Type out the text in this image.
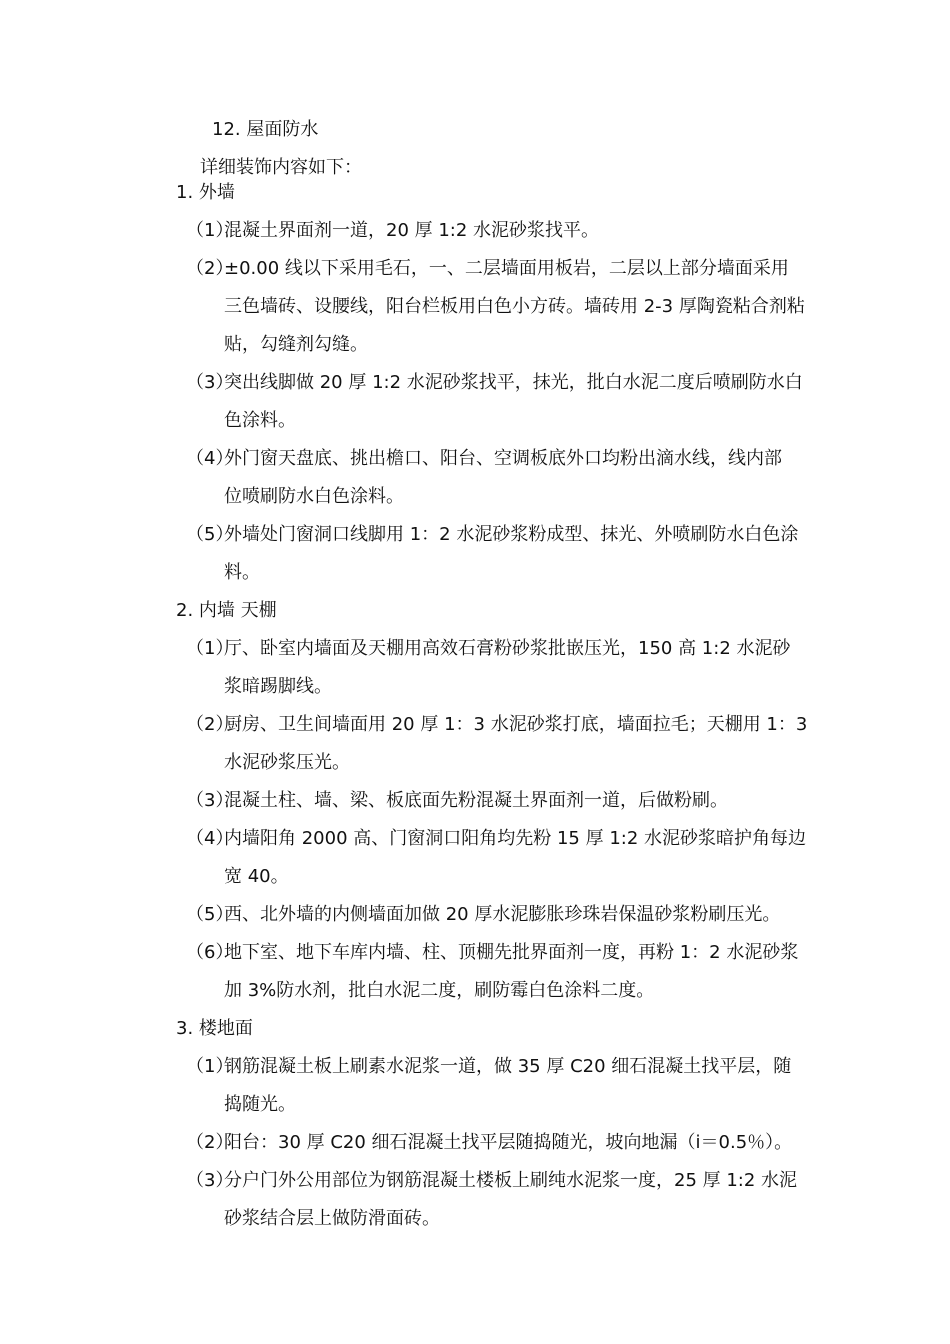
12. 屋面防水
详细装饰内容如下：
1. 外墙
（1）
混凝土界面剂一道，20 厚 1:2 水泥砂浆找平。
（2）
±0.00 线以下采用毛石，一、二层墙面用板岩，二层以上部分墙面采用
三色墙砖、设腰线，阳台栏板用白色小方砖。墙砖用 2-3 厚陶瓷粘合剂粘
贴，勾缝剂勾缝。
（3）
突出线脚做 20 厚 1:2 水泥砂浆找平，抹光，批白水泥二度后喷刷防水白
色涂料。
（4）
外门窗天盘底、挑出檐口、阳台、空调板底外口均粉出滴水线，线内部
位喷刷防水白色涂料。
（5）
外墙处门窗洞口线脚用 1：2 水泥砂浆粉成型、抹光、外喷刷防水白色涂
料。
2. 内墙 天棚
（1）
厅、卧室内墙面及天棚用高效石膏粉砂浆批嵌压光，150 高 1:2 水泥砂
浆暗踢脚线。
（2）
厨房、卫生间墙面用 20 厚 1：3 水泥砂浆打底，墙面拉毛；天棚用 1：3
水泥砂浆压光。
（3）
混凝土柱、墙、梁、板底面先粉混凝土界面剂一道，后做粉刷。
（4）
内墙阳角 2000 高、门窗洞口阳角均先粉 15 厚 1:2 水泥砂浆暗护角每边
宽 40。
（5）
西、北外墙的内侧墙面加做 20 厚水泥膨胀珍珠岩保温砂浆粉刷压光。
（6）
地下室、地下车库内墙、柱、顶棚先批界面剂一度，再粉 1：2 水泥砂浆
加 3%防水剂，批白水泥二度，刷防霉白色涂料二度。
3. 楼地面
（1）
钢筋混凝土板上刷素水泥浆一道，做 35 厚 C20 细石混凝土找平层，随
捣随光。
（2）
阳台：30 厚 C20 细石混凝土找平层随捣随光，坡向地漏（i＝0.5％）。
（3）
分户门外公用部位为钢筋混凝土楼板上刷纯水泥浆一度，25 厚 1:2 水泥
砂浆结合层上做防滑面砖。
